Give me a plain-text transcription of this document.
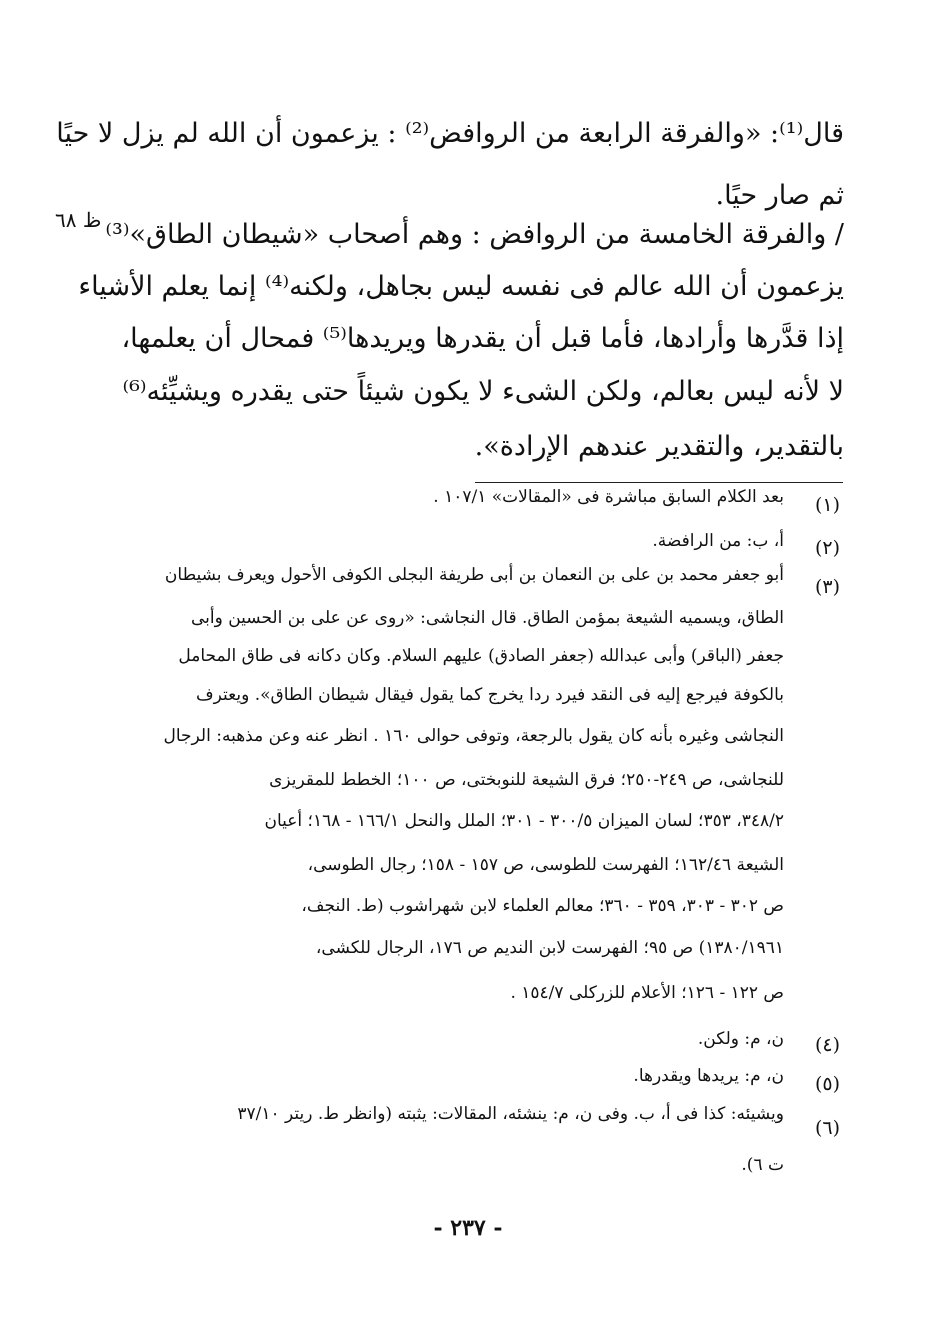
ظ ٦٨
قال⁽¹⁾: «والفرقة الرابعة من الروافض⁽²⁾ : يزعمون أن الله لم يزل لا حيًا
ثم صار حيًا.
/ والفرقة الخامسة من الروافض : وهم أصحاب «شيطان الطاق»⁽³⁾
يزعمون أن الله عالم فى نفسه ليس بجاهل، ولكنه⁽⁴⁾ إنما يعلم الأشياء
إذا قدَّرها وأرادها، فأما قبل أن يقدرها ويريدها⁽⁵⁾ فمحال أن يعلمها،
لا لأنه ليس بعالم، ولكن الشىء لا يكون شيئاً حتى يقدره ويشيِّئه⁽⁶⁾
بالتقدير، والتقدير عندهم الإرادة».
(١)
بعد الكلام السابق مباشرة فى «المقالات» ١٠٧/١ .
(٢)
أ، ب: من الرافضة.
(٣)
أبو جعفر محمد بن على بن النعمان بن أبى طريفة البجلى الكوفى الأحول ويعرف بشيطان
الطاق، ويسميه الشيعة بمؤمن الطاق. قال النجاشى: «روى عن على بن الحسين وأبى
جعفر (الباقر) وأبى عبدالله (جعفر الصادق) عليهم السلام. وكان دكانه فى طاق المحامل
بالكوفة فيرجع إليه فى النقد فيرد ردا يخرج كما يقول فيقال شيطان الطاق». ويعترف
النجاشى وغيره بأنه كان يقول بالرجعة، وتوفى حوالى ١٦٠ . انظر عنه وعن مذهبه: الرجال
للنجاشى، ص ٢٤٩-٢٥٠؛ فرق الشيعة للنوبختى، ص ١٠٠؛ الخطط للمقريزى
٣٤٨/٢، ٣٥٣؛ لسان الميزان ٣٠٠/٥ - ٣٠١؛ الملل والنحل ١٦٦/١ - ١٦٨؛ أعيان
الشيعة ١٦٢/٤٦؛ الفهرست للطوسى، ص ١٥٧ - ١٥٨؛ رجال الطوسى،
ص ٣٠٢ - ٣٠٣، ٣٥٩ - ٣٦٠؛ معالم العلماء لابن شهراشوب (ط. النجف،
١٣٨٠/١٩٦١) ص ٩٥؛ الفهرست لابن النديم ص ١٧٦، الرجال للكشى،
ص ١٢٢ - ١٢٦؛ الأعلام للزركلى ١٥٤/٧ .
(٤)
ن، م: ولكن.
(٥)
ن، م: يريدها ويقدرها.
(٦)
ويشيئه: كذا فى أ، ب. وفى ن، م: ينشئه، المقالات: يثبته (وانظر ط. ريتر ٣٧/١٠
ت ٦).
- ٢٣٧ -
